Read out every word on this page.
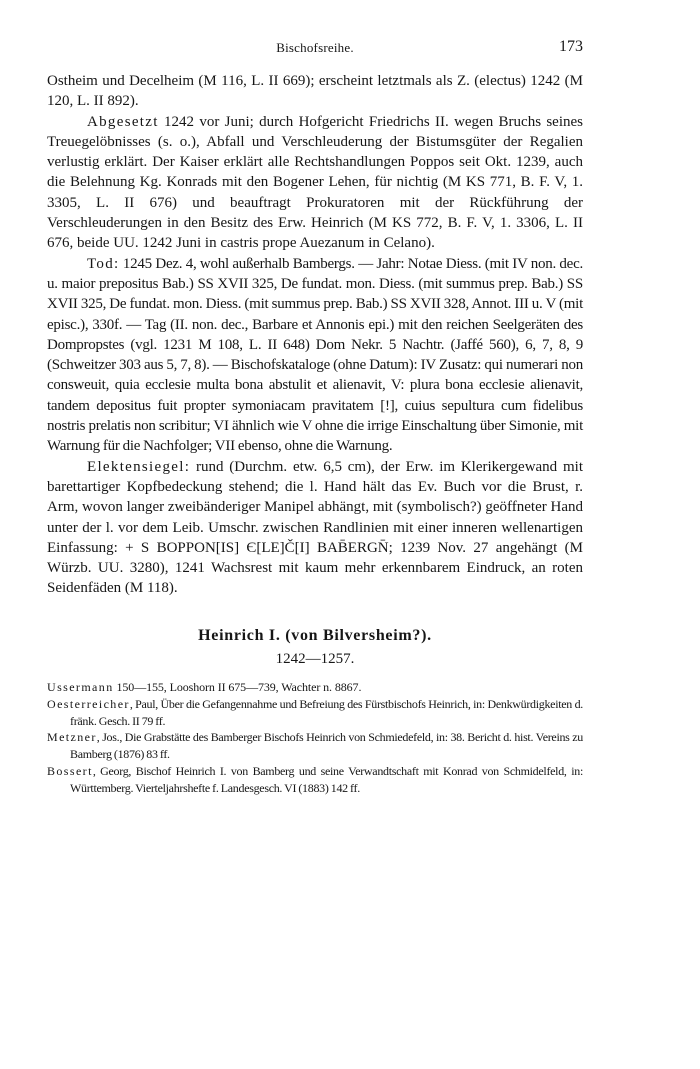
Bischofsreihe.	173

Ostheim und Decelheim (M 116, L. II 669); erscheint letztmals als Z. (electus) 1242 (M 120, L. II 892).

Abgesetzt 1242 vor Juni; durch Hofgericht Friedrichs II. wegen Bruchs seines Treuegelöbnisses (s. o.), Abfall und Verschleuderung der Bistumsgüter der Regalien verlustig erklärt. Der Kaiser erklärt alle Rechtshandlungen Poppos seit Okt. 1239, auch die Belehnung Kg. Konrads mit den Bogener Lehen, für nichtig (M KS 771, B. F. V, 1. 3305, L. II 676) und beauftragt Prokuratoren mit der Rückführung der Verschleuderungen in den Besitz des Erw. Heinrich (M KS 772, B. F. V, 1. 3306, L. II 676, beide UU. 1242 Juni in castris prope Auezanum in Celano).

Tod: 1245 Dez. 4, wohl außerhalb Bambergs. — Jahr: Notae Diess. (mit IV non. dec. u. maior prepositus Bab.) SS XVII 325, De fundat. mon. Diess. (mit summus prep. Bab.) SS XVII 325, De fundat. mon. Diess. (mit summus prep. Bab.) SS XVII 328, Annot. III u. V (mit episc.), 330f. — Tag (II. non. dec., Barbare et Annonis epi.) mit den reichen Seelgeräten des Dompropstes (vgl. 1231 M 108, L. II 648) Dom Nekr. 5 Nachtr. (Jaffé 560), 6, 7, 8, 9 (Schweitzer 303 aus 5, 7, 8). — Bischofskataloge (ohne Datum): IV Zusatz: qui numerari non consweuit, quia ecclesie multa bona abstulit et alienavit, V: plura bona ecclesie alienavit, tandem depositus fuit propter symoniacam pravitatem [!], cuius sepultura cum fidelibus nostris prelatis non scribitur; VI ähnlich wie V ohne die irrige Einschaltung über Simonie, mit Warnung für die Nachfolger; VII ebenso, ohne die Warnung.

Elektensiegel: rund (Durchm. etw. 6,5 cm), der Erw. im Klerikergewand mit barettartiger Kopfbedeckung stehend; die l. Hand hält das Ev. Buch vor die Brust, r. Arm, wovon langer zweibänderiger Manipel abhängt, mit (symbolisch?) geöffneter Hand unter der l. vor dem Leib. Umschr. zwischen Randlinien mit einer inneren wellenartigen Einfassung: + S BOPPON[IS] Є[LE]Č[I] BAB̄ERGN̄; 1239 Nov. 27 angehängt (M Würzb. UU. 3280), 1241 Wachsrest mit kaum mehr erkennbarem Eindruck, an roten Seidenfäden (M 118).

Heinrich I. (von Bilversheim?).

1242—1257.

Ussermann 150—155, Looshorn II 675—739, Wachter n. 8867.

Oesterreicher, Paul, Über die Gefangennahme und Befreiung des Fürstbischofs Heinrich, in: Denkwürdigkeiten d. fränk. Gesch. II 79 ff.

Metzner, Jos., Die Grabstätte des Bamberger Bischofs Heinrich von Schmiedefeld, in: 38. Bericht d. hist. Vereins zu Bamberg (1876) 83 ff.

Bossert, Georg, Bischof Heinrich I. von Bamberg und seine Verwandtschaft mit Konrad von Schmidelfeld, in: Württemberg. Vierteljahrshefte f. Landesgesch. VI (1883) 142 ff.
